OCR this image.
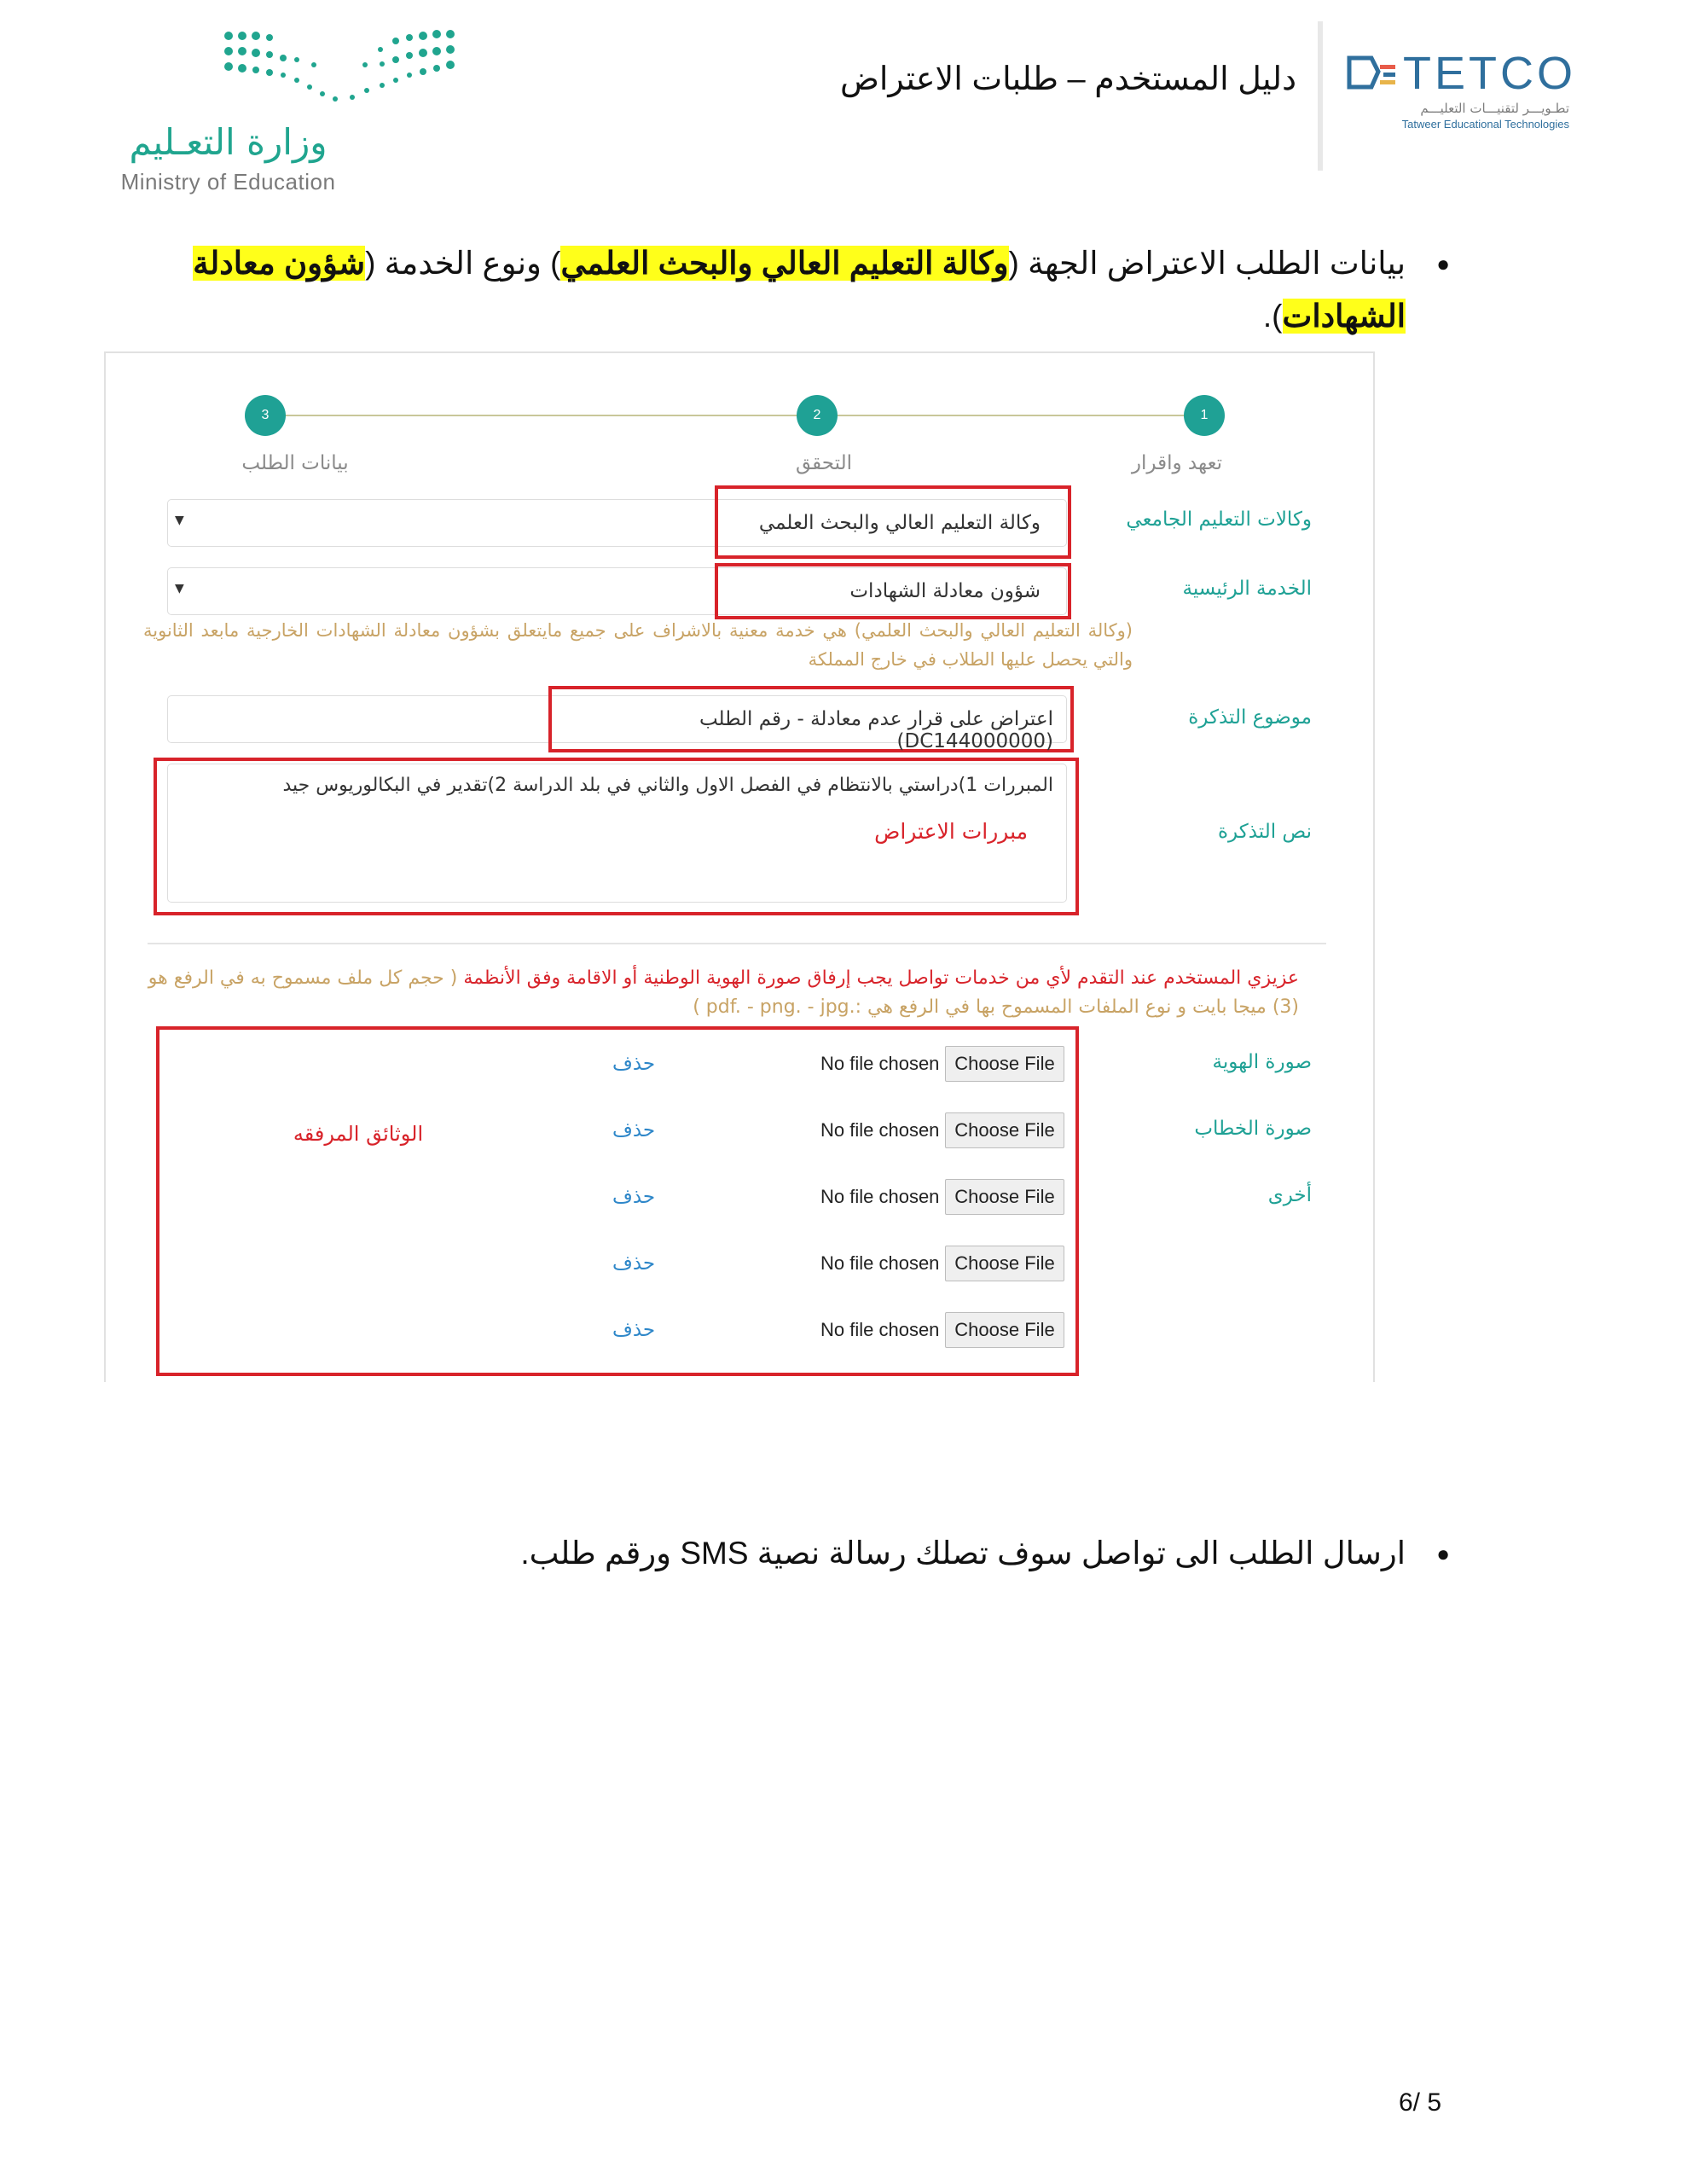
وزارة التعـليم
Ministry of Education
دليل المستخدم – طلبات الاعتراض TETCO
تطـويـــر لتقنيـــات التعليـــم
Tatweer Educational Technologies
●
بيانات الطلب الاعتراض الجهة (وكالة التعليم العالي والبحث العلمي) ونوع الخدمة (شؤون معادلة الشهادات).
1
2
3
تعهد واقرار
التحقق
بيانات الطلب
وكالات التعليم الجامعي
▼	وكالة التعليم العالي والبحث العلمي
الخدمة الرئيسية
▼	شؤون معادلة الشهادات
(وكالة التعليم العالي والبحث العلمي) هي خدمة معنية بالاشراف على جميع مايتعلق بشؤون معادلة الشهادات الخارجية مابعد الثانوية والتي يحصل عليها الطلاب في خارج المملكة
موضوع التذكرة
اعتراض على قرار عدم معادلة - رقم الطلب (DC144000000)
نص التذكرة
المبررات 1)دراستي بالانتظام في الفصل الاول والثاني في بلد الدراسة 2)تقدير في البكالوريوس جيد
مبررات الاعتراض
عزيزي المستخدم عند التقدم لأي من خدمات تواصل يجب إرفاق صورة الهوية الوطنية أو الاقامة وفق الأنظمة ( حجم كل ملف مسموح به في الرفع هو (3) ميجا بايت و نوع الملفات المسموح بها في الرفع هي :.pdf. - png. - jpg )
الوثائق المرفقه
صورة الهوية
Choose File
No file chosen
حذف
صورة الخطاب
Choose File
No file chosen
حذف
أخرى
Choose File
No file chosen
حذف
Choose File
No file chosen
حذف
Choose File
No file chosen
حذف
●
ارسال الطلب الى تواصل سوف تصلك رسالة نصية SMS ورقم طلب.
6/ 5
